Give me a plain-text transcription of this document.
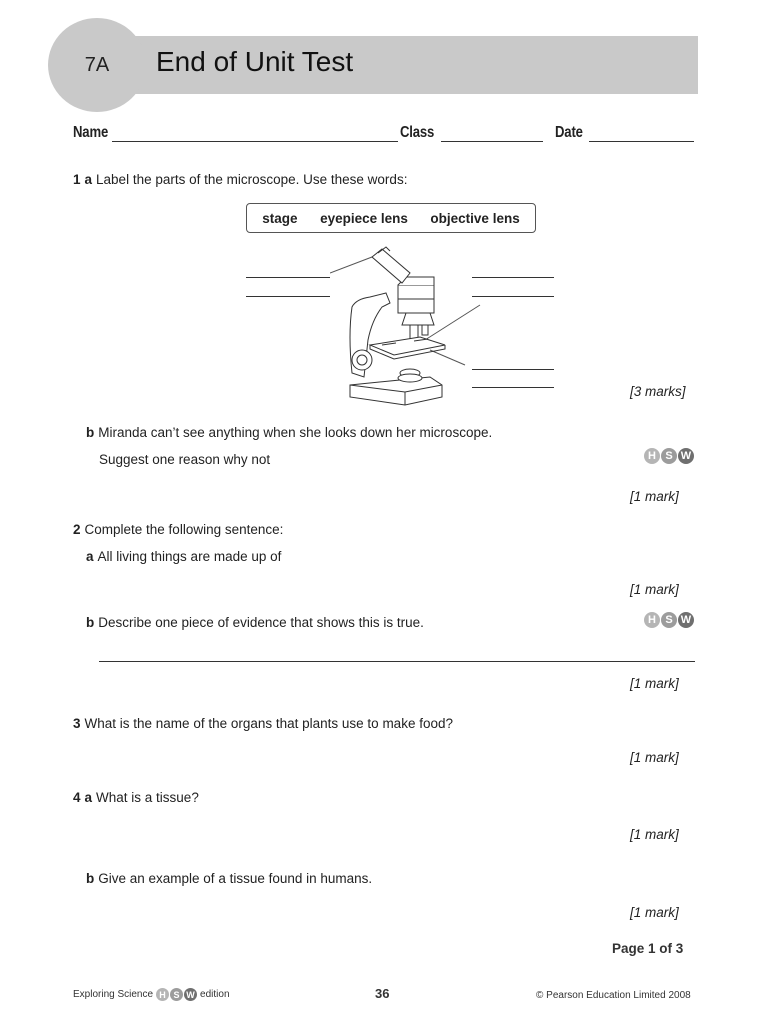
7A	End of Unit Test
Name	Class	Date
1 a Label the parts of the microscope. Use these words:
stage eyepiece lens objective lens
[3 marks]
b Miranda can’t see anything when she looks down her microscope.
Suggest one reason why not	H S W
[1 mark]
2 Complete the following sentence:
a All living things are made up of
[1 mark]
b Describe one piece of evidence that shows this is true.	H S W
[1 mark]
3 What is the name of the organs that plants use to make food?
[1 mark]
4 a What is a tissue?
[1 mark]
b Give an example of a tissue found in humans.
[1 mark]
Page 1 of 3
Exploring Science H S W edition	36	© Pearson Education Limited 2008
